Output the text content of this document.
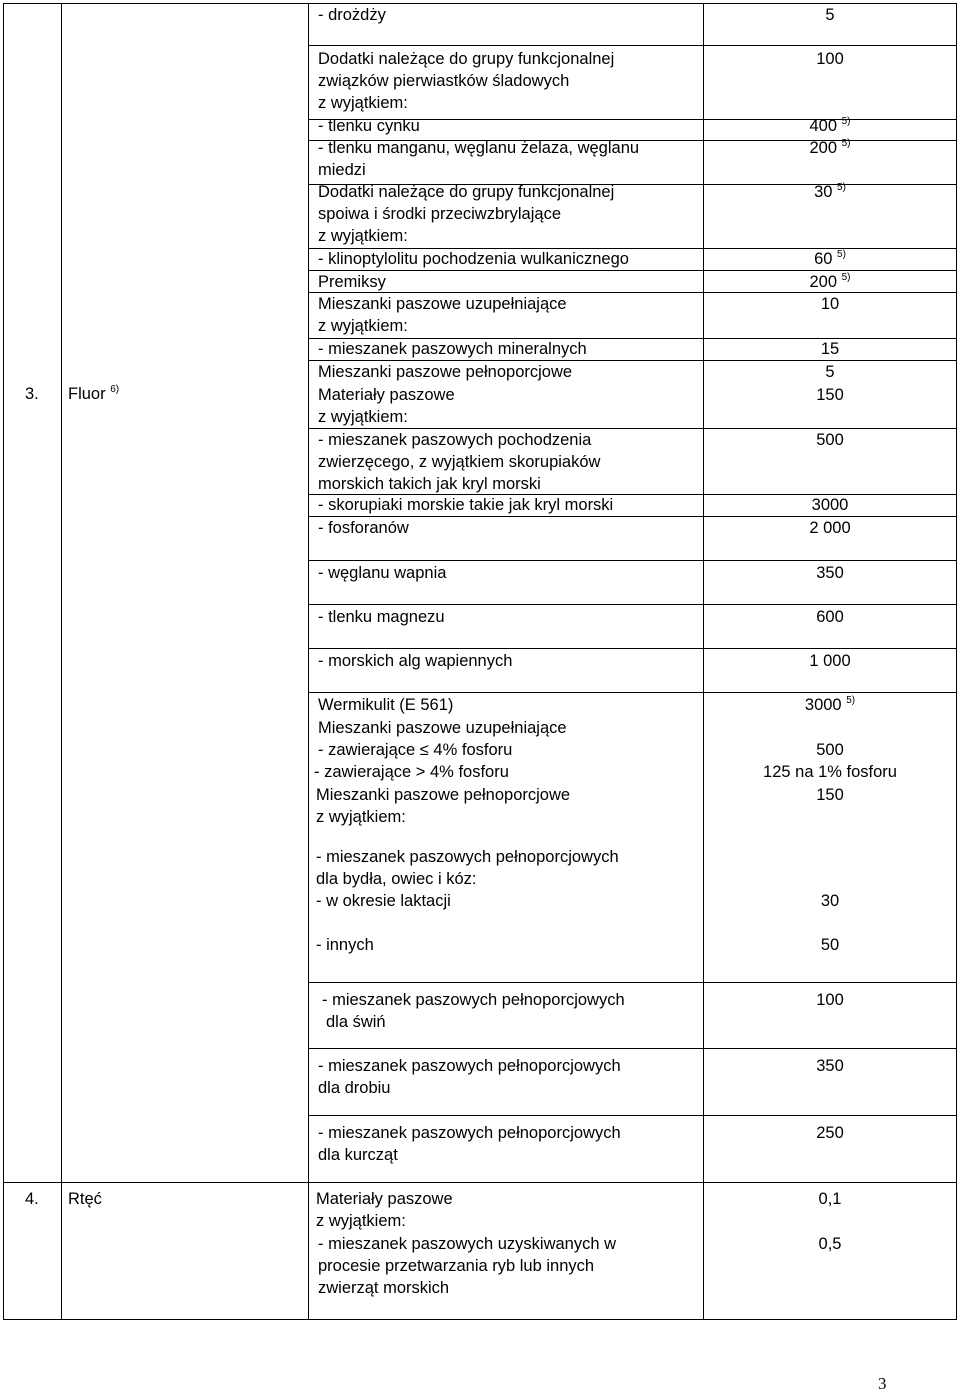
3. Fluor $^{6)}$
4. Rtęć
- drożdży
Dodatki należące do grupy funkcjonalnej
związków pierwiastków śladowych
z wyjątkiem:
- tlenku cynku
- tlenku manganu, węglanu żelaza, węglanu
miedzi
Dodatki należące do grupy funkcjonalnej
spoiwa i środki przeciwzbrylające
z wyjątkiem:
- klinoptylolitu pochodzenia wulkanicznego
Premiksy
Mieszanki paszowe uzupełniające
z wyjątkiem:
- mieszanek paszowych mineralnych
Mieszanki paszowe pełnoporcjowe
Materiały paszowe
z wyjątkiem:
- mieszanek paszowych pochodzenia
zwierzęcego, z wyjątkiem skorupiaków
morskich takich jak kryl morski
- skorupiaki morskie takie jak kryl morski
- fosforanów
- węglanu wapnia
- tlenku magnezu
- morskich alg wapiennych
Wermikulit (E 561)
Mieszanki paszowe uzupełniające
- zawierające ≤ 4% fosforu
- zawierające > 4% fosforu
Mieszanki paszowe pełnoporcjowe
z wyjątkiem:
- mieszanek paszowych pełnoporcjowych
dla bydła, owiec i kóz:
- w okresie laktacji
- innych
- mieszanek paszowych pełnoporcjowych
dla świń
- mieszanek paszowych pełnoporcjowych
dla drobiu
- mieszanek paszowych pełnoporcjowych
dla kurcząt
Materiały paszowe
z wyjątkiem:
- mieszanek paszowych uzyskiwanych w
procesie przetwarzania ryb lub innych
zwierząt morskich
5
100
400 $^{5)}$
200 $^{5)}$
30 $^{5)}$
60 $^{5)}$
200 $^{5)}$
10
15
5
150
500
3000
2 000
350
600
1 000
3000 $^{5)}$
500
125 na 1% fosforu
150
30
50
100
350
250
0,1
0,5
3
